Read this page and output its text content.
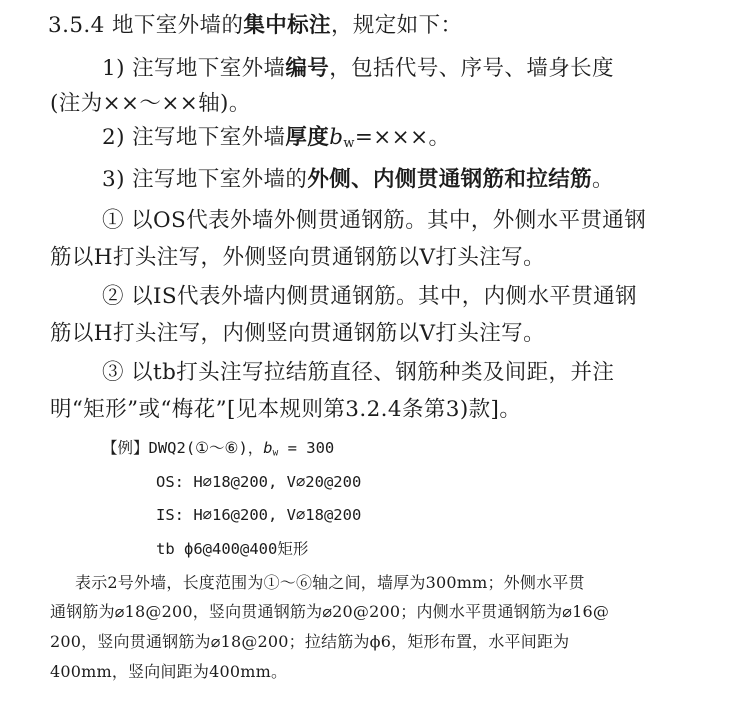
3.5.4 地下室外墙的集中标注，规定如下：
1) 注写地下室外墙编号，包括代号、序号、墙身长度
(注为××～××轴)。
2) 注写地下室外墙厚度$b_w=\times\times\times$。
3) 注写地下室外墙的外侧、内侧贯通钢筋和拉结筋。
① 以OS代表外墙外侧贯通钢筋。其中，外侧水平贯通钢
筋以H打头注写，外侧竖向贯通钢筋以V打头注写。
② 以IS代表外墙内侧贯通钢筋。其中，内侧水平贯通钢
筋以H打头注写，内侧竖向贯通钢筋以V打头注写。
③ 以tb打头注写拉结筋直径、钢筋种类及间距，并注
明“矩形”或“梅花”[见本规则第3.2.4条第3)款]。
【例】DWQ2(①～⑥)，$b_w = 300$
OS: H⌀18@200, V⌀20@200
IS: H⌀16@200, V⌀18@200
tb ϕ6@400@400矩形
表示2号外墙，长度范围为①～⑥轴之间，墙厚为300mm；外侧水平贯
通钢筋为⌀18@200，竖向贯通钢筋为⌀20@200；内侧水平贯通钢筋为⌀16@
200，竖向贯通钢筋为⌀18@200；拉结筋为ϕ6，矩形布置，水平间距为
400mm，竖向间距为400mm。
